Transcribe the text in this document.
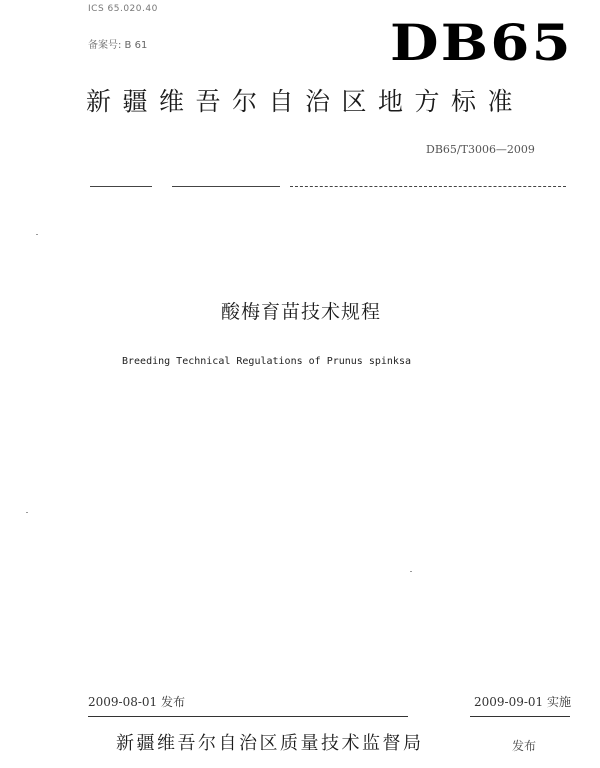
ICS 65.020.40
备案号: B 61	DB65
新疆维吾尔自治区地方标准
DB65/T3006—2009
酸梅育苗技术规程
Breeding Technical Regulations of Prunus spinksa
2009-08-01 发布	2009-09-01 实施
新疆维吾尔自治区质量技术监督局	发布
